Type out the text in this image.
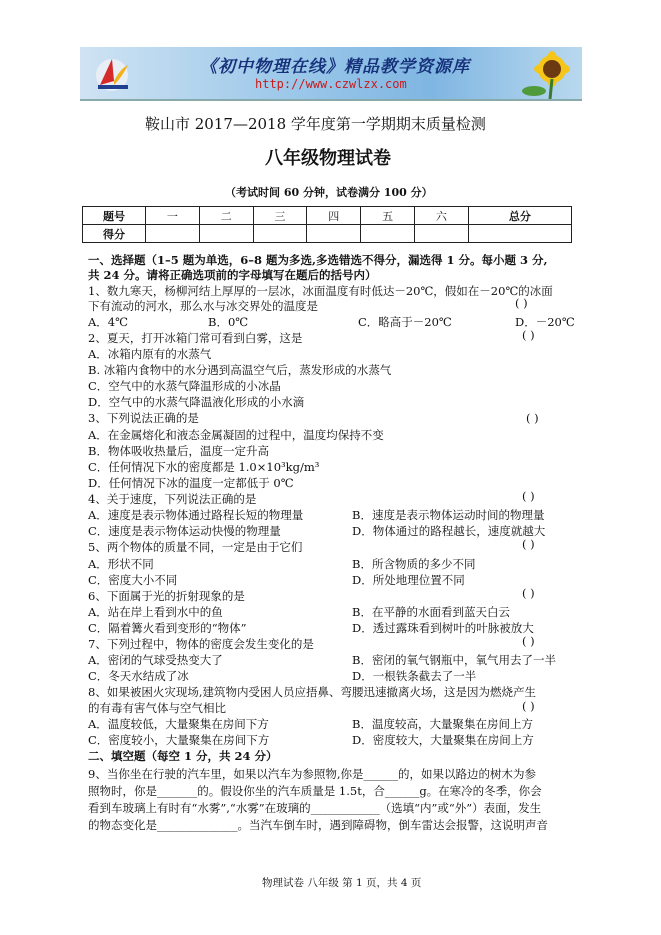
《初中物理在线》精品教学资源库
http://www.czwlzx.com
鞍山市 2017—2018 学年度第一学期期末质量检测
八年级物理试卷
（考试时间 60 分钟，试卷满分 100 分）
题号	一	二	三	四	五	六	总分
得分							
一、选择题（1–5 题为单选，6–8 题为多选,多选错选不得分，漏选得 1 分。每小题 3 分,
共 24 分。请将正确选项前的字母填写在题后的括号内）
1、数九寒天，杨柳河结上厚厚的一层冰，冰面温度有时低达－20℃，假如在－20℃的冰面
下有流动的河水，那么水与冰交界处的温度是	( )
A．4℃	B．0℃	C．略高于－20℃	D．－20℃
2、夏天，打开冰箱门常可看到白雾，这是	( )
A．冰箱内原有的水蒸气
B. 冰箱内食物中的水分遇到高温空气后，蒸发形成的水蒸气
C．空气中的水蒸气降温形成的小冰晶
D．空气中的水蒸气降温液化形成的小水滴
3、下列说法正确的是	( )
A．在金属熔化和液态金属凝固的过程中，温度均保持不变
B．物体吸收热量后，温度一定升高
C．任何情况下水的密度都是 1.0×10³kg/m³
D．任何情况下冰的温度一定都低于 0℃
4、关于速度，下列说法正确的是	( )
A．速度是表示物体通过路程长短的物理量	B．速度是表示物体运动时间的物理量
C．速度是表示物体运动快慢的物理量	D．物体通过的路程越长，速度就越大
5、两个物体的质量不同，一定是由于它们	( )
A．形状不同	B．所含物质的多少不同
C．密度大小不同	D．所处地理位置不同
6、下面属于光的折射现象的是	( )
A．站在岸上看到水中的鱼	B．在平静的水面看到蓝天白云
C．隔着篝火看到变形的“物体”	D．透过露珠看到树叶的叶脉被放大
7、下列过程中，物体的密度会发生变化的是	( )
A．密闭的气球受热变大了	B．密闭的氧气钢瓶中，氧气用去了一半
C．冬天水结成了冰	D．一根铁条截去了一半
8、如果被困火灾现场,建筑物内受困人员应捂鼻、弯腰迅速撤离火场，这是因为燃烧产生
的有毒有害气体与空气相比	( )
A．温度较低，大量聚集在房间下方	B．温度较高，大量聚集在房间上方
C．密度较小，大量聚集在房间下方	D．密度较大，大量聚集在房间上方
二、填空题（每空 1 分，共 24 分）
9、当你坐在行驶的汽车里，如果以汽车为参照物,你是______的，如果以路边的树木为参
照物时，你是_______的。假设你坐的汽车质量是 1.5t，合______g。在寒冷的冬季，你会
看到车玻璃上有时有“水雾”,“水雾”在玻璃的____________（选填“内”或“外”）表面，发生
的物态变化是______________。当汽车倒车时，遇到障碍物，倒车雷达会报警，这说明声音
物理试卷 八年级 第 1 页，共 4 页
